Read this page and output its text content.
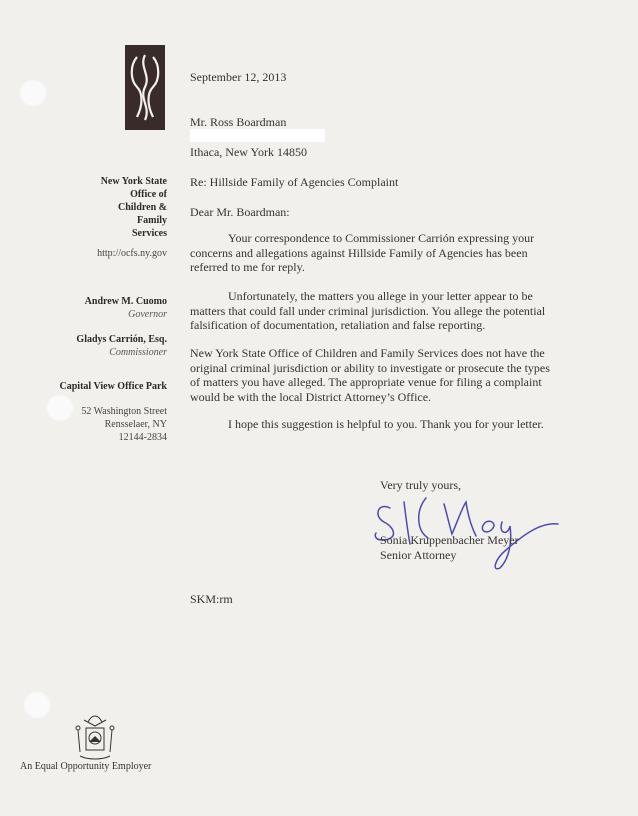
New York State
Office of
Children &
Family
Services
http://ocfs.ny.gov
Andrew M. Cuomo
Governor
Gladys Carrión, Esq.
Commissioner
Capital View Office Park
52 Washington Street
Rensselaer, NY
12144-2834
September 12, 2013
Mr. Ross Boardman
Ithaca, New York 14850
Re: Hillside Family of Agencies Complaint
Dear Mr. Boardman:
Your correspondence to Commissioner Carrión expressing your concerns and allegations against Hillside Family of Agencies has been referred to me for reply.
Unfortunately, the matters you allege in your letter appear to be matters that could fall under criminal jurisdiction. You allege the potential falsification of documentation, retaliation and false reporting.
New York State Office of Children and Family Services does not have the original criminal jurisdiction or ability to investigate or prosecute the types of matters you have alleged. The appropriate venue for filing a complaint would be with the local District Attorney’s Office.
I hope this suggestion is helpful to you. Thank you for your letter.
Very truly yours,
Sonia Kruppenbacher Meyer
Senior Attorney
SKM:rm
An Equal Opportunity Employer
